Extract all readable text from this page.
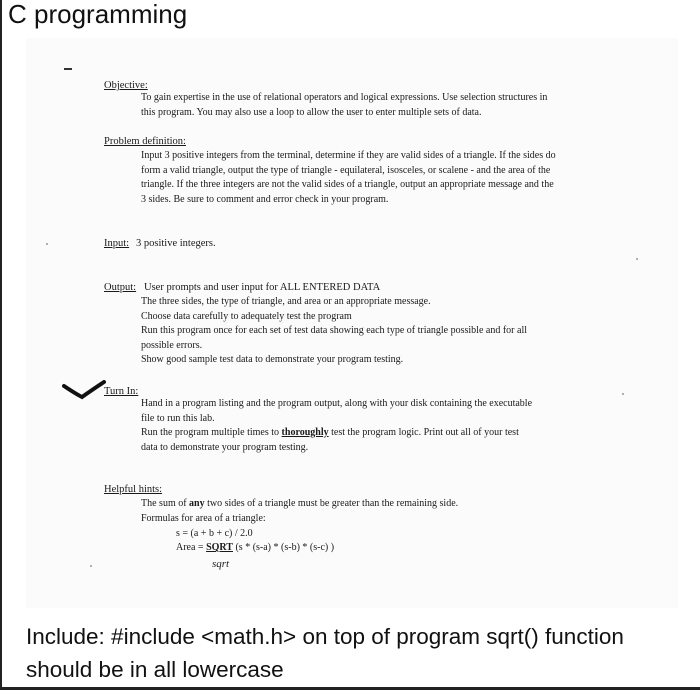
C programming
Objective:
To gain expertise in the use of relational operators and logical expressions. Use selection structures in
this program. You may also use a loop to allow the user to enter multiple sets of data.
Problem definition:
Input 3 positive integers from the terminal, determine if they are valid sides of a triangle. If the sides do
form a valid triangle, output the type of triangle - equilateral, isosceles, or scalene - and the area of the
triangle. If the three integers are not the valid sides of a triangle, output an appropriate message and the
3 sides. Be sure to comment and error check in your program.
Input: 3 positive integers.
Output: User prompts and user input for ALL ENTERED DATA
The three sides, the type of triangle, and area or an appropriate message.
Choose data carefully to adequately test the program
Run this program once for each set of test data showing each type of triangle possible and for all
possible errors.
Show good sample test data to demonstrate your program testing.
Turn In:
Hand in a program listing and the program output, along with your disk containing the executable
file to run this lab.
Run the program multiple times to thoroughly test the program logic. Print out all of your test
data to demonstrate your program testing.
Helpful hints:
The sum of any two sides of a triangle must be greater than the remaining side.
Formulas for area of a triangle:
s = (a + b + c) / 2.0
Area = SQRT (s * (s-a) * (s-b) * (s-c) )
sqrt
Include: #include <math.h> on top of program sqrt() function should be in all lowercase
